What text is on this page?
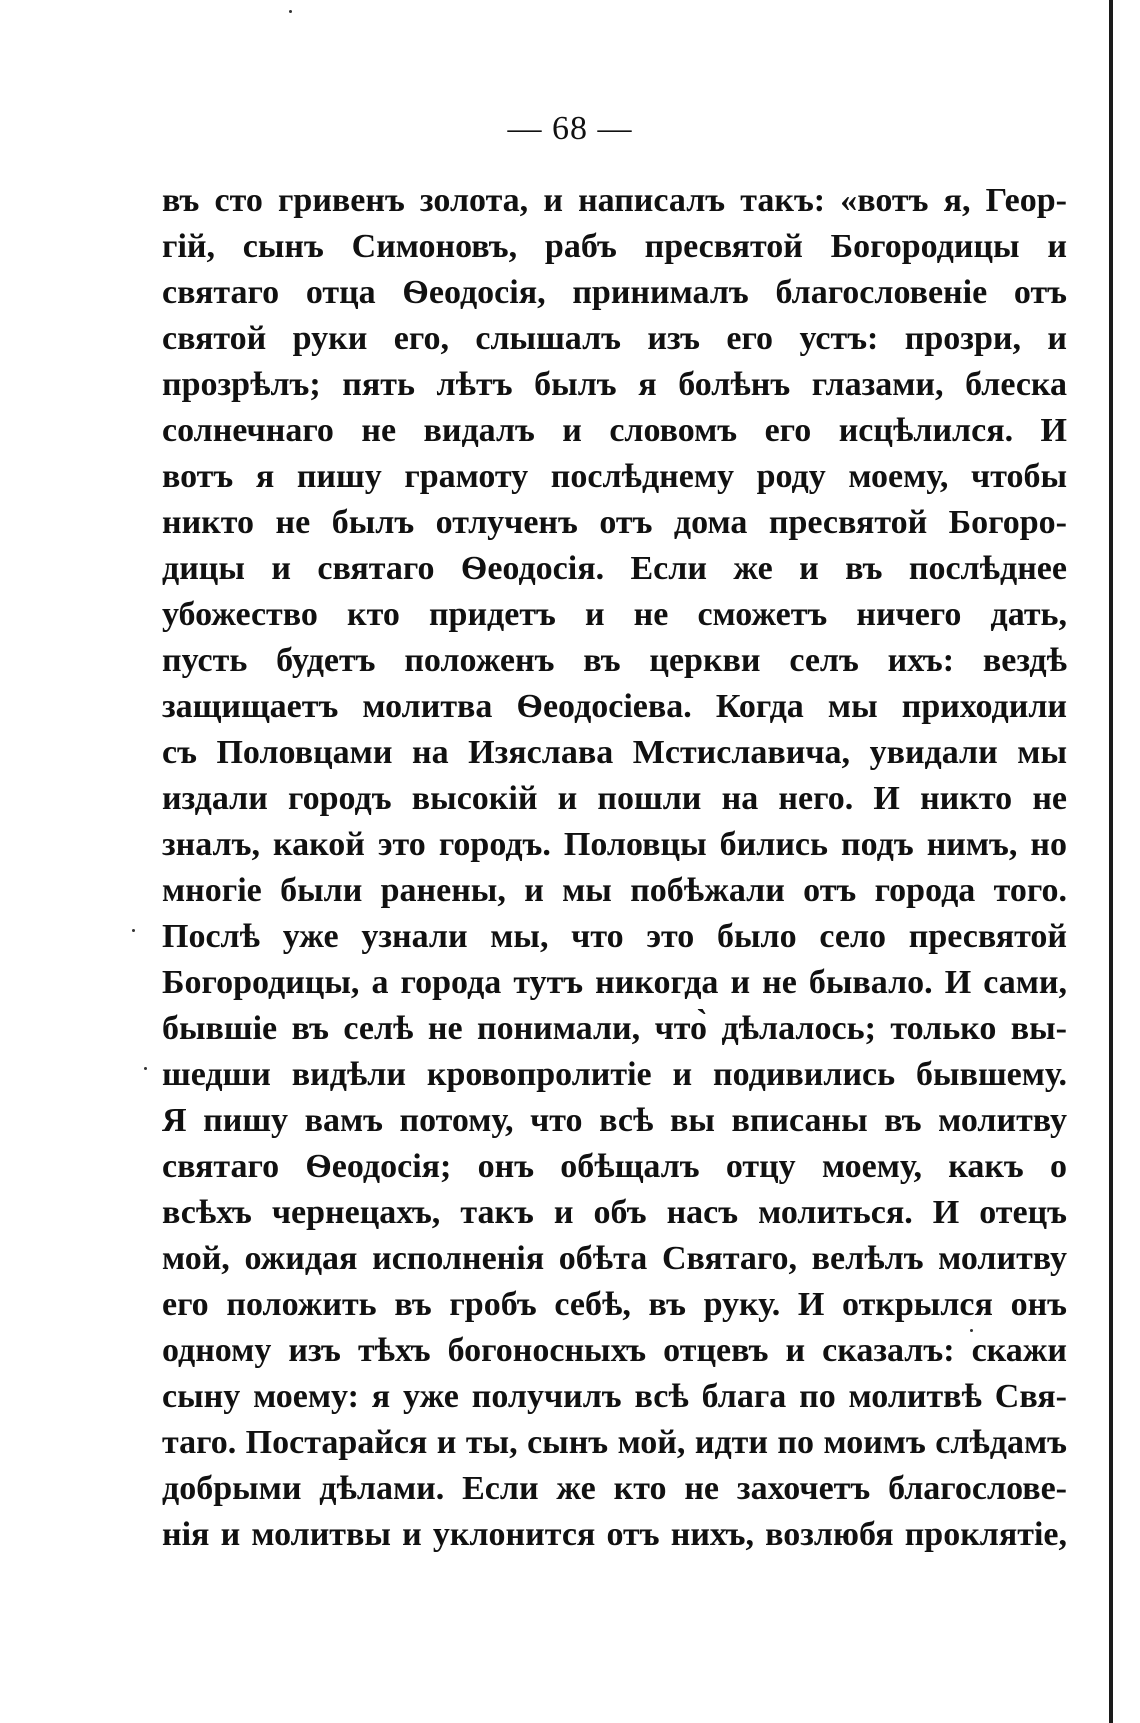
— 68 —
въ сто гривенъ золота, и написалъ такъ: «вотъ я, Геор-
гій, сынъ Симоновъ, рабъ пресвятой Богородицы и
святаго отца Ѳеодосія, принималъ благословеніе отъ
святой руки его, слышалъ изъ его устъ: прозри, и
прозрѣлъ; пять лѣтъ былъ я болѣнъ глазами, блеска
солнечнаго не видалъ и словомъ его исцѣлился. И
вотъ я пишу грамоту послѣднему роду моему, чтобы
никто не былъ отлученъ отъ дома пресвятой Богоро-
дицы и святаго Ѳеодосія. Если же и въ послѣднее
убожество кто придетъ и не сможетъ ничего дать,
пусть будетъ положенъ въ церкви селъ ихъ: вездѣ
защищаетъ молитва Ѳеодосіева. Когда мы приходили
съ Половцами на Изяслава Мстиславича, увидали мы
издали городъ высокій и пошли на него. И никто не
зналъ, какой это городъ. Половцы бились подъ нимъ, но
многіе были ранены, и мы побѣжали отъ города того.
Послѣ уже узнали мы, что это было село пресвятой
Богородицы, а города тутъ никогда и не бывало. И сами,
бывшіе въ селѣ не понимали, что̀ дѣлалось; только вы-
шедши видѣли кровопролитіе и подивились бывшему.
Я пишу вамъ потому, что всѣ вы вписаны въ молитву
святаго Ѳеодосія; онъ обѣщалъ отцу моему, какъ о
всѣхъ чернецахъ, такъ и объ насъ молиться. И отецъ
мой, ожидая исполненія обѣта Святаго, велѣлъ молитву
его положить въ гробъ себѣ, въ руку. И открылся онъ
одному изъ тѣхъ богоносныхъ отцевъ и сказалъ: скажи
сыну моему: я уже получилъ всѣ блага по молитвѣ Свя-
таго. Постарайся и ты, сынъ мой, идти по моимъ слѣдамъ
добрыми дѣлами. Если же кто не захочетъ благослове-
нія и молитвы и уклонится отъ нихъ, возлюбя проклятіе,
